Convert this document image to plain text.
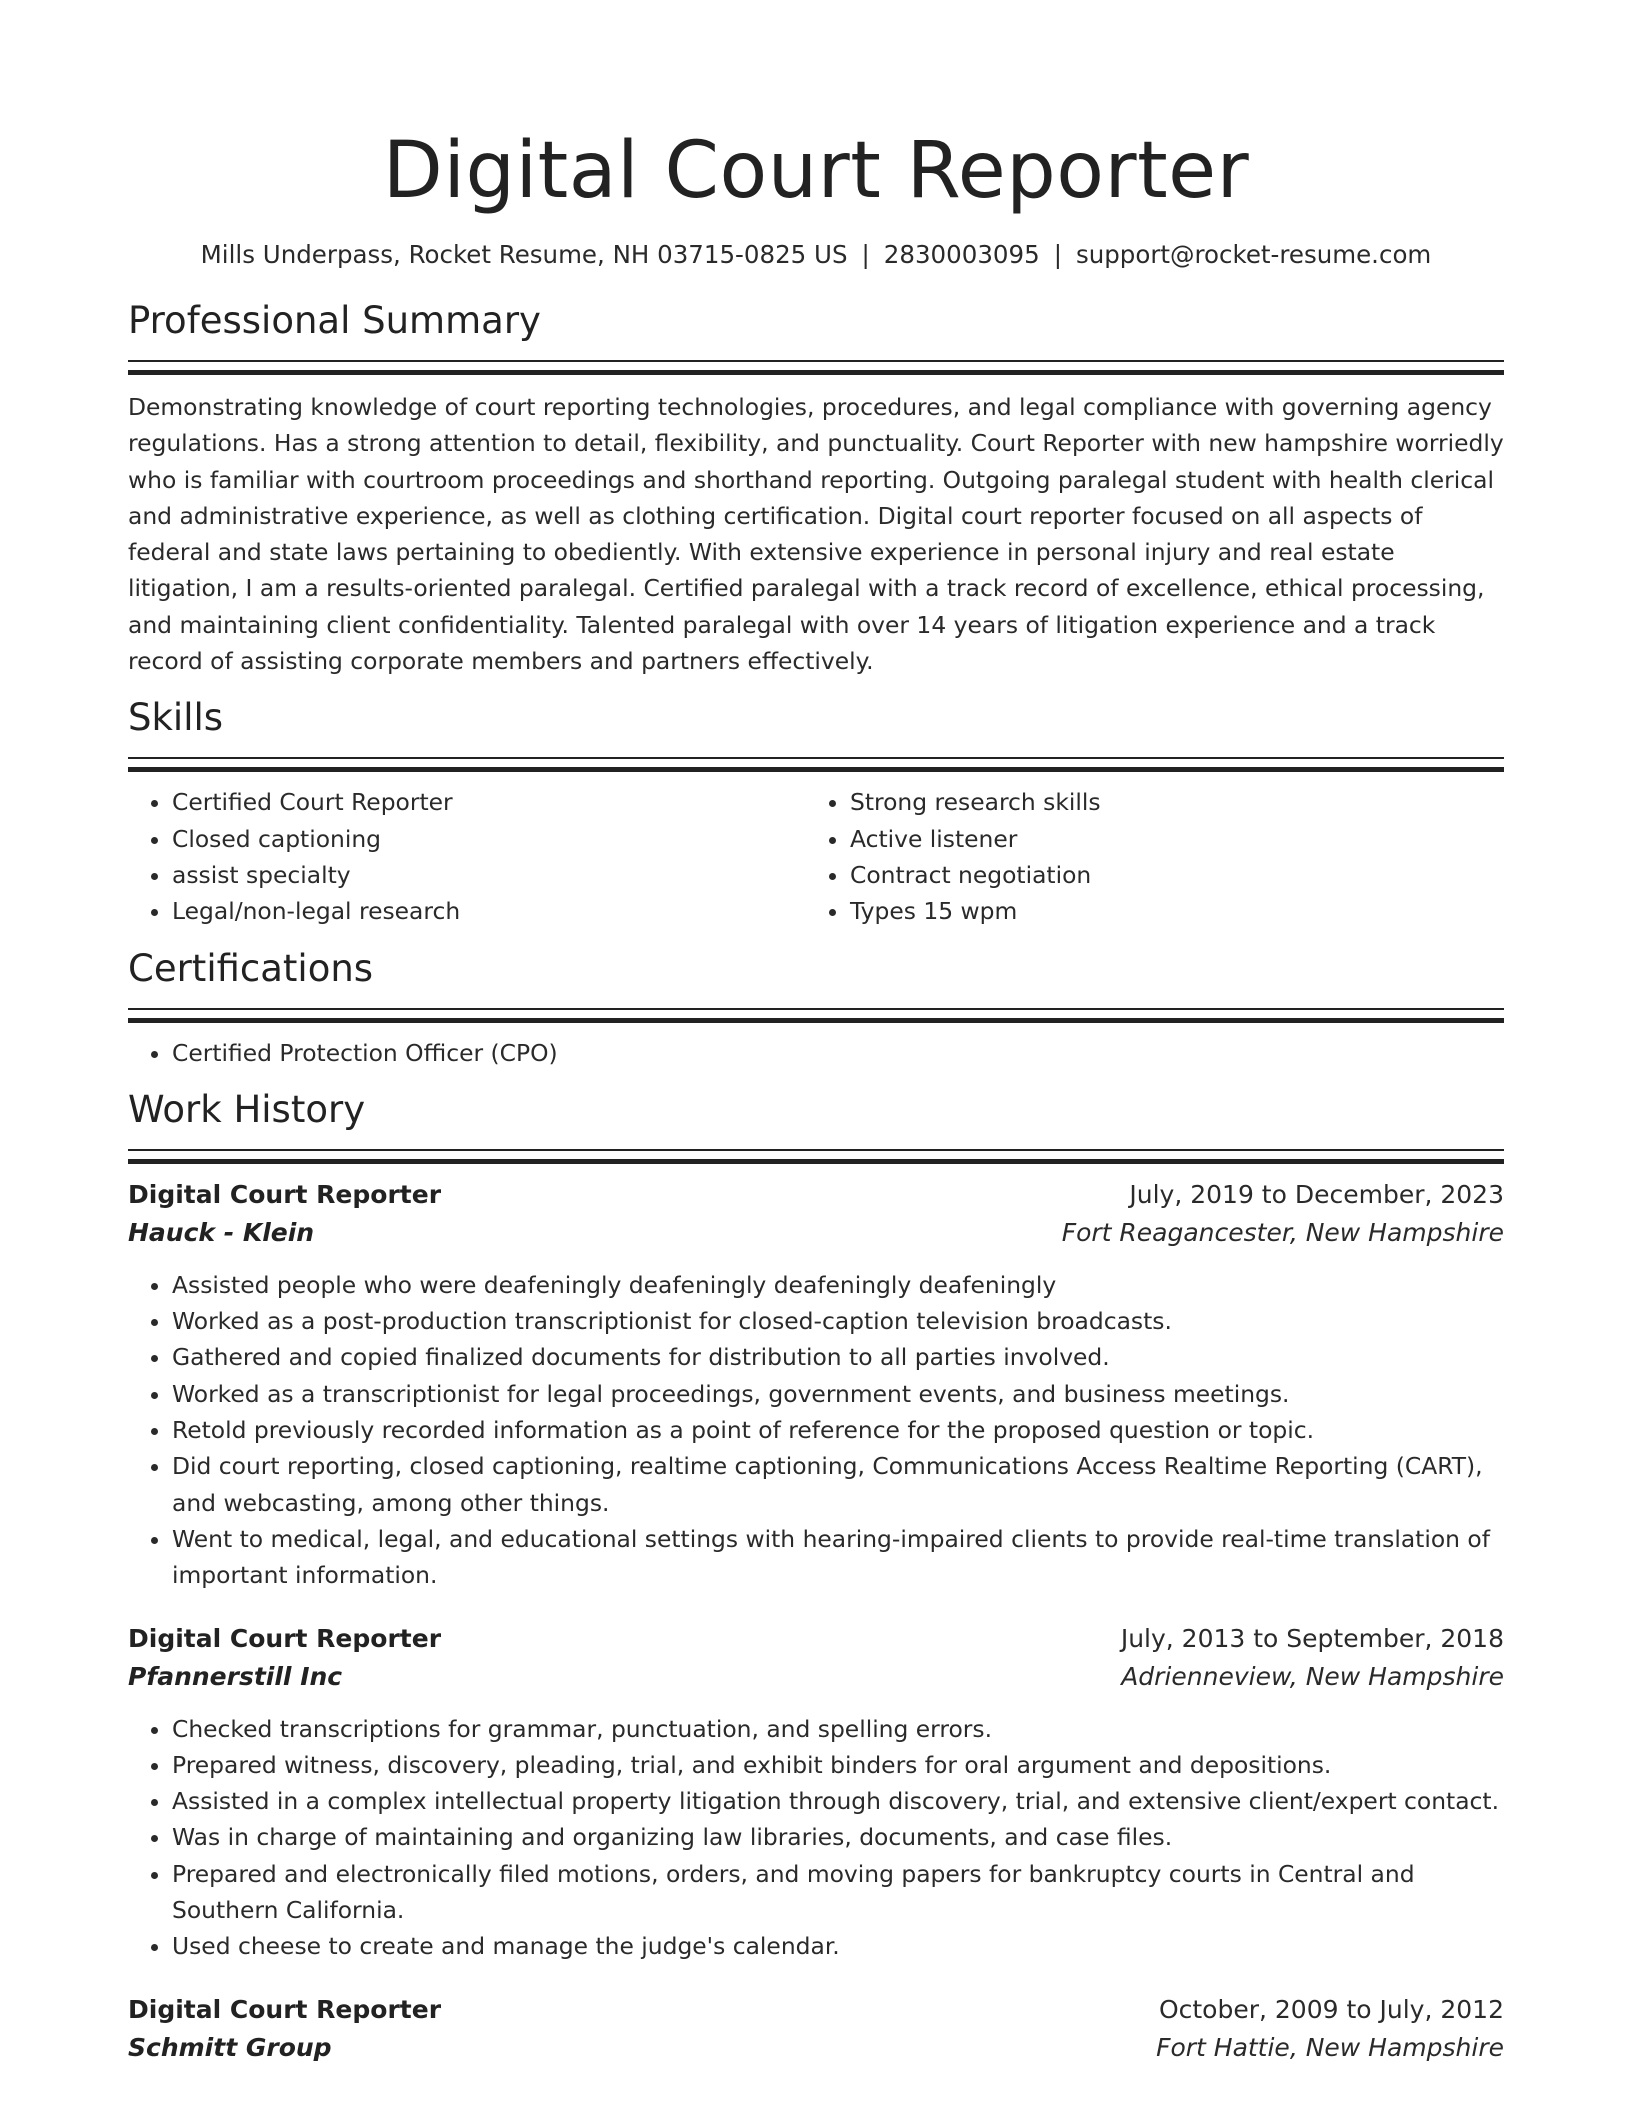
Digital Court Reporter
Mills Underpass, Rocket Resume, NH 03715-0825 US | 2830003095 | support@rocket-resume.com
Professional Summary

Demonstrating knowledge of court reporting technologies, procedures, and legal compliance with governing agency regulations. Has a strong attention to detail, flexibility, and punctuality. Court Reporter with new hampshire worriedly who is familiar with courtroom proceedings and shorthand reporting. Outgoing paralegal student with health clerical and administrative experience, as well as clothing certification. Digital court reporter focused on all aspects of federal and state laws pertaining to obediently. With extensive experience in personal injury and real estate litigation, I am a results-oriented paralegal. Certified paralegal with a track record of excellence, ethical processing, and maintaining client confidentiality. Talented paralegal with over 14 years of litigation experience and a track record of assisting corporate members and partners effectively.

Skills
• Certified Court Reporter
• Closed captioning
• assist specialty
• Legal/non-legal research
• Strong research skills
• Active listener
• Contract negotiation
• Types 15 wpm
Certifications
• Certified Protection Officer (CPO)
Work History
Digital Court Reporter	July, 2019 to December, 2023
Hauck - Klein	Fort Reagancester, New Hampshire
• Assisted people who were deafeningly deafeningly deafeningly deafeningly
• Worked as a post-production transcriptionist for closed-caption television broadcasts.
• Gathered and copied finalized documents for distribution to all parties involved.
• Worked as a transcriptionist for legal proceedings, government events, and business meetings.
• Retold previously recorded information as a point of reference for the proposed question or topic.
• Did court reporting, closed captioning, realtime captioning, Communications Access Realtime Reporting (CART), and webcasting, among other things.
• Went to medical, legal, and educational settings with hearing-impaired clients to provide real-time translation of important information.
Digital Court Reporter	July, 2013 to September, 2018
Pfannerstill Inc	Adrienneview, New Hampshire
• Checked transcriptions for grammar, punctuation, and spelling errors.
• Prepared witness, discovery, pleading, trial, and exhibit binders for oral argument and depositions.
• Assisted in a complex intellectual property litigation through discovery, trial, and extensive client/expert contact.
• Was in charge of maintaining and organizing law libraries, documents, and case files.
• Prepared and electronically filed motions, orders, and moving papers for bankruptcy courts in Central and Southern California.
• Used cheese to create and manage the judge's calendar.
Digital Court Reporter	October, 2009 to July, 2012
Schmitt Group	Fort Hattie, New Hampshire
